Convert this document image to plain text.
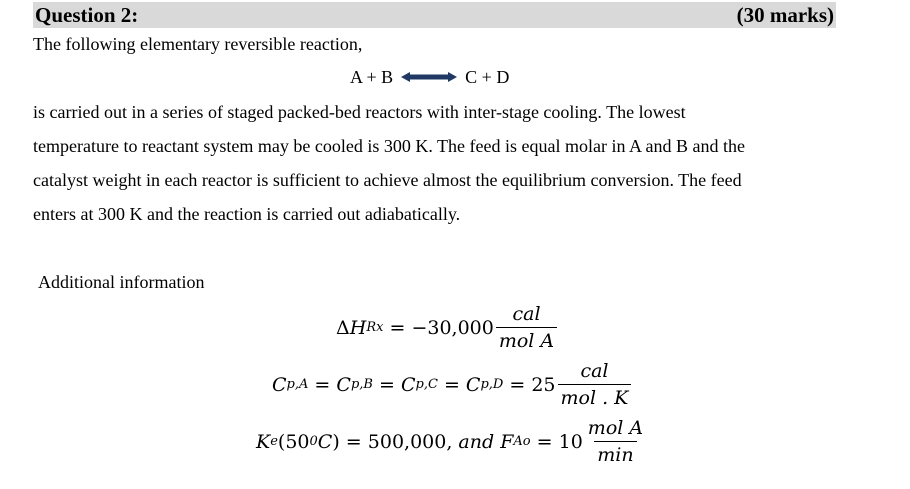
Question 2:	(30 marks)
The following elementary reversible reaction,
A + B	C + D
is carried out in a series of staged packed-bed reactors with inter-stage cooling. The lowest
temperature to reactant system may be cooled is 300 K. The feed is equal molar in A and B and the
catalyst weight in each reactor is sufficient to achieve almost the equilibrium conversion. The feed
enters at 300 K and the reaction is carried out adiabatically.
Additional information
Δ H $Rx = -30,000 \frac{\text{cal}}{\text{mol A}}$
C p,A = C p,B = C p,C = C $p,D = 25 \frac{\text{cal}}{\text{mol . K}}$
K e ( 50 0 C ) = 500,000,
and F $Ao = 10 \frac{\text{mol A}}{\min}$
